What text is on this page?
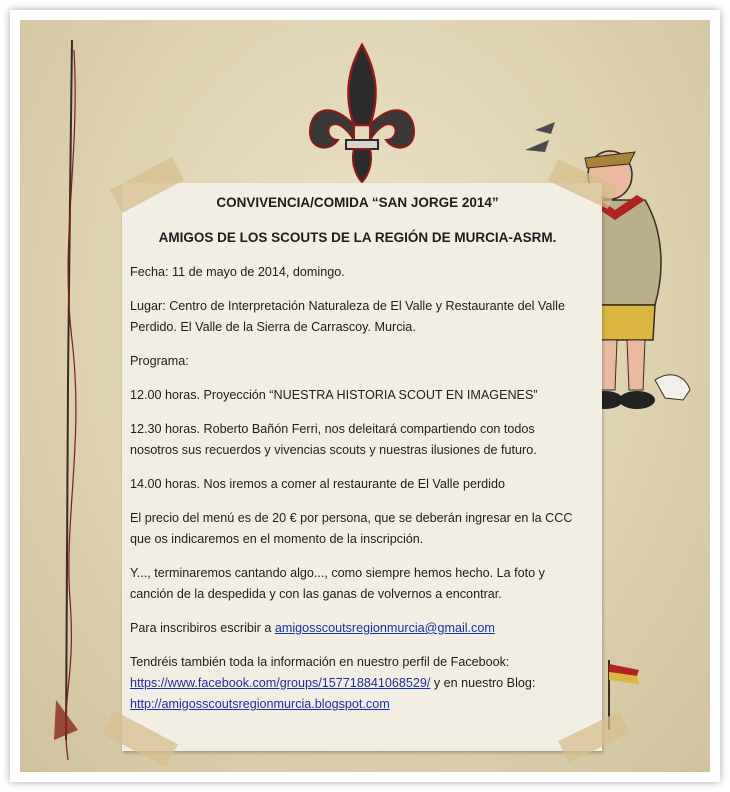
CONVIVENCIA/COMIDA “SAN JORGE 2014”
AMIGOS DE LOS SCOUTS DE LA REGIÓN DE MURCIA-ASRM.
Fecha: 11 de mayo de 2014, domingo.
Lugar: Centro de Interpretación Naturaleza de El Valle y Restaurante del Valle Perdido. El Valle de la Sierra de Carrascoy. Murcia.
Programa:
12.00 horas. Proyección “NUESTRA HISTORIA SCOUT EN IMAGENES”
12.30 horas. Roberto Bañón Ferri, nos deleitará compartiendo con todos nosotros sus recuerdos y vivencias scouts y nuestras ilusiones de futuro.
14.00 horas. Nos iremos a comer al restaurante de El Valle perdido
El precio del menú es de 20 € por persona, que se deberán ingresar en la CCC que os indicaremos en el momento de la inscripción.
Y..., terminaremos cantando algo..., como siempre hemos hecho. La foto y canción de la despedida y con las ganas de volvernos a encontrar.
Para inscribiros escribir a amigosscoutsregionmurcia@gmail.com
Tendréis también toda la información en nuestro perfil de Facebook:
https://www.facebook.com/groups/157718841068529/ y en nuestro Blog:
http://amigosscoutsregionmurcia.blogspot.com
